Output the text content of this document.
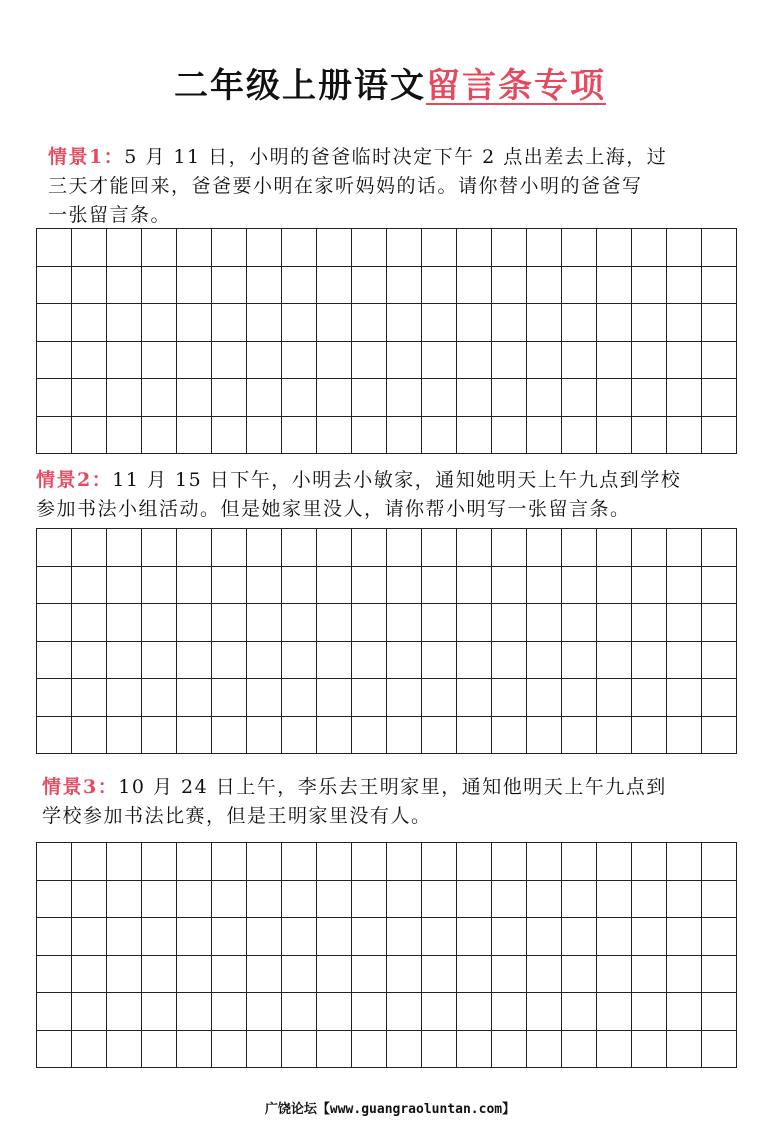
二年级上册语文留言条专项
情景1：5 月 11 日，小明的爸爸临时决定下午 2 点出差去上海，过
三天才能回来，爸爸要小明在家听妈妈的话。请你替小明的爸爸写
一张留言条。
情景2：11 月 15 日下午，小明去小敏家，通知她明天上午九点到学校
参加书法小组活动。但是她家里没人，请你帮小明写一张留言条。
情景3：10 月 24 日上午，李乐去王明家里，通知他明天上午九点到
学校参加书法比赛，但是王明家里没有人。
广饶论坛【www.guangraoluntan.com】
